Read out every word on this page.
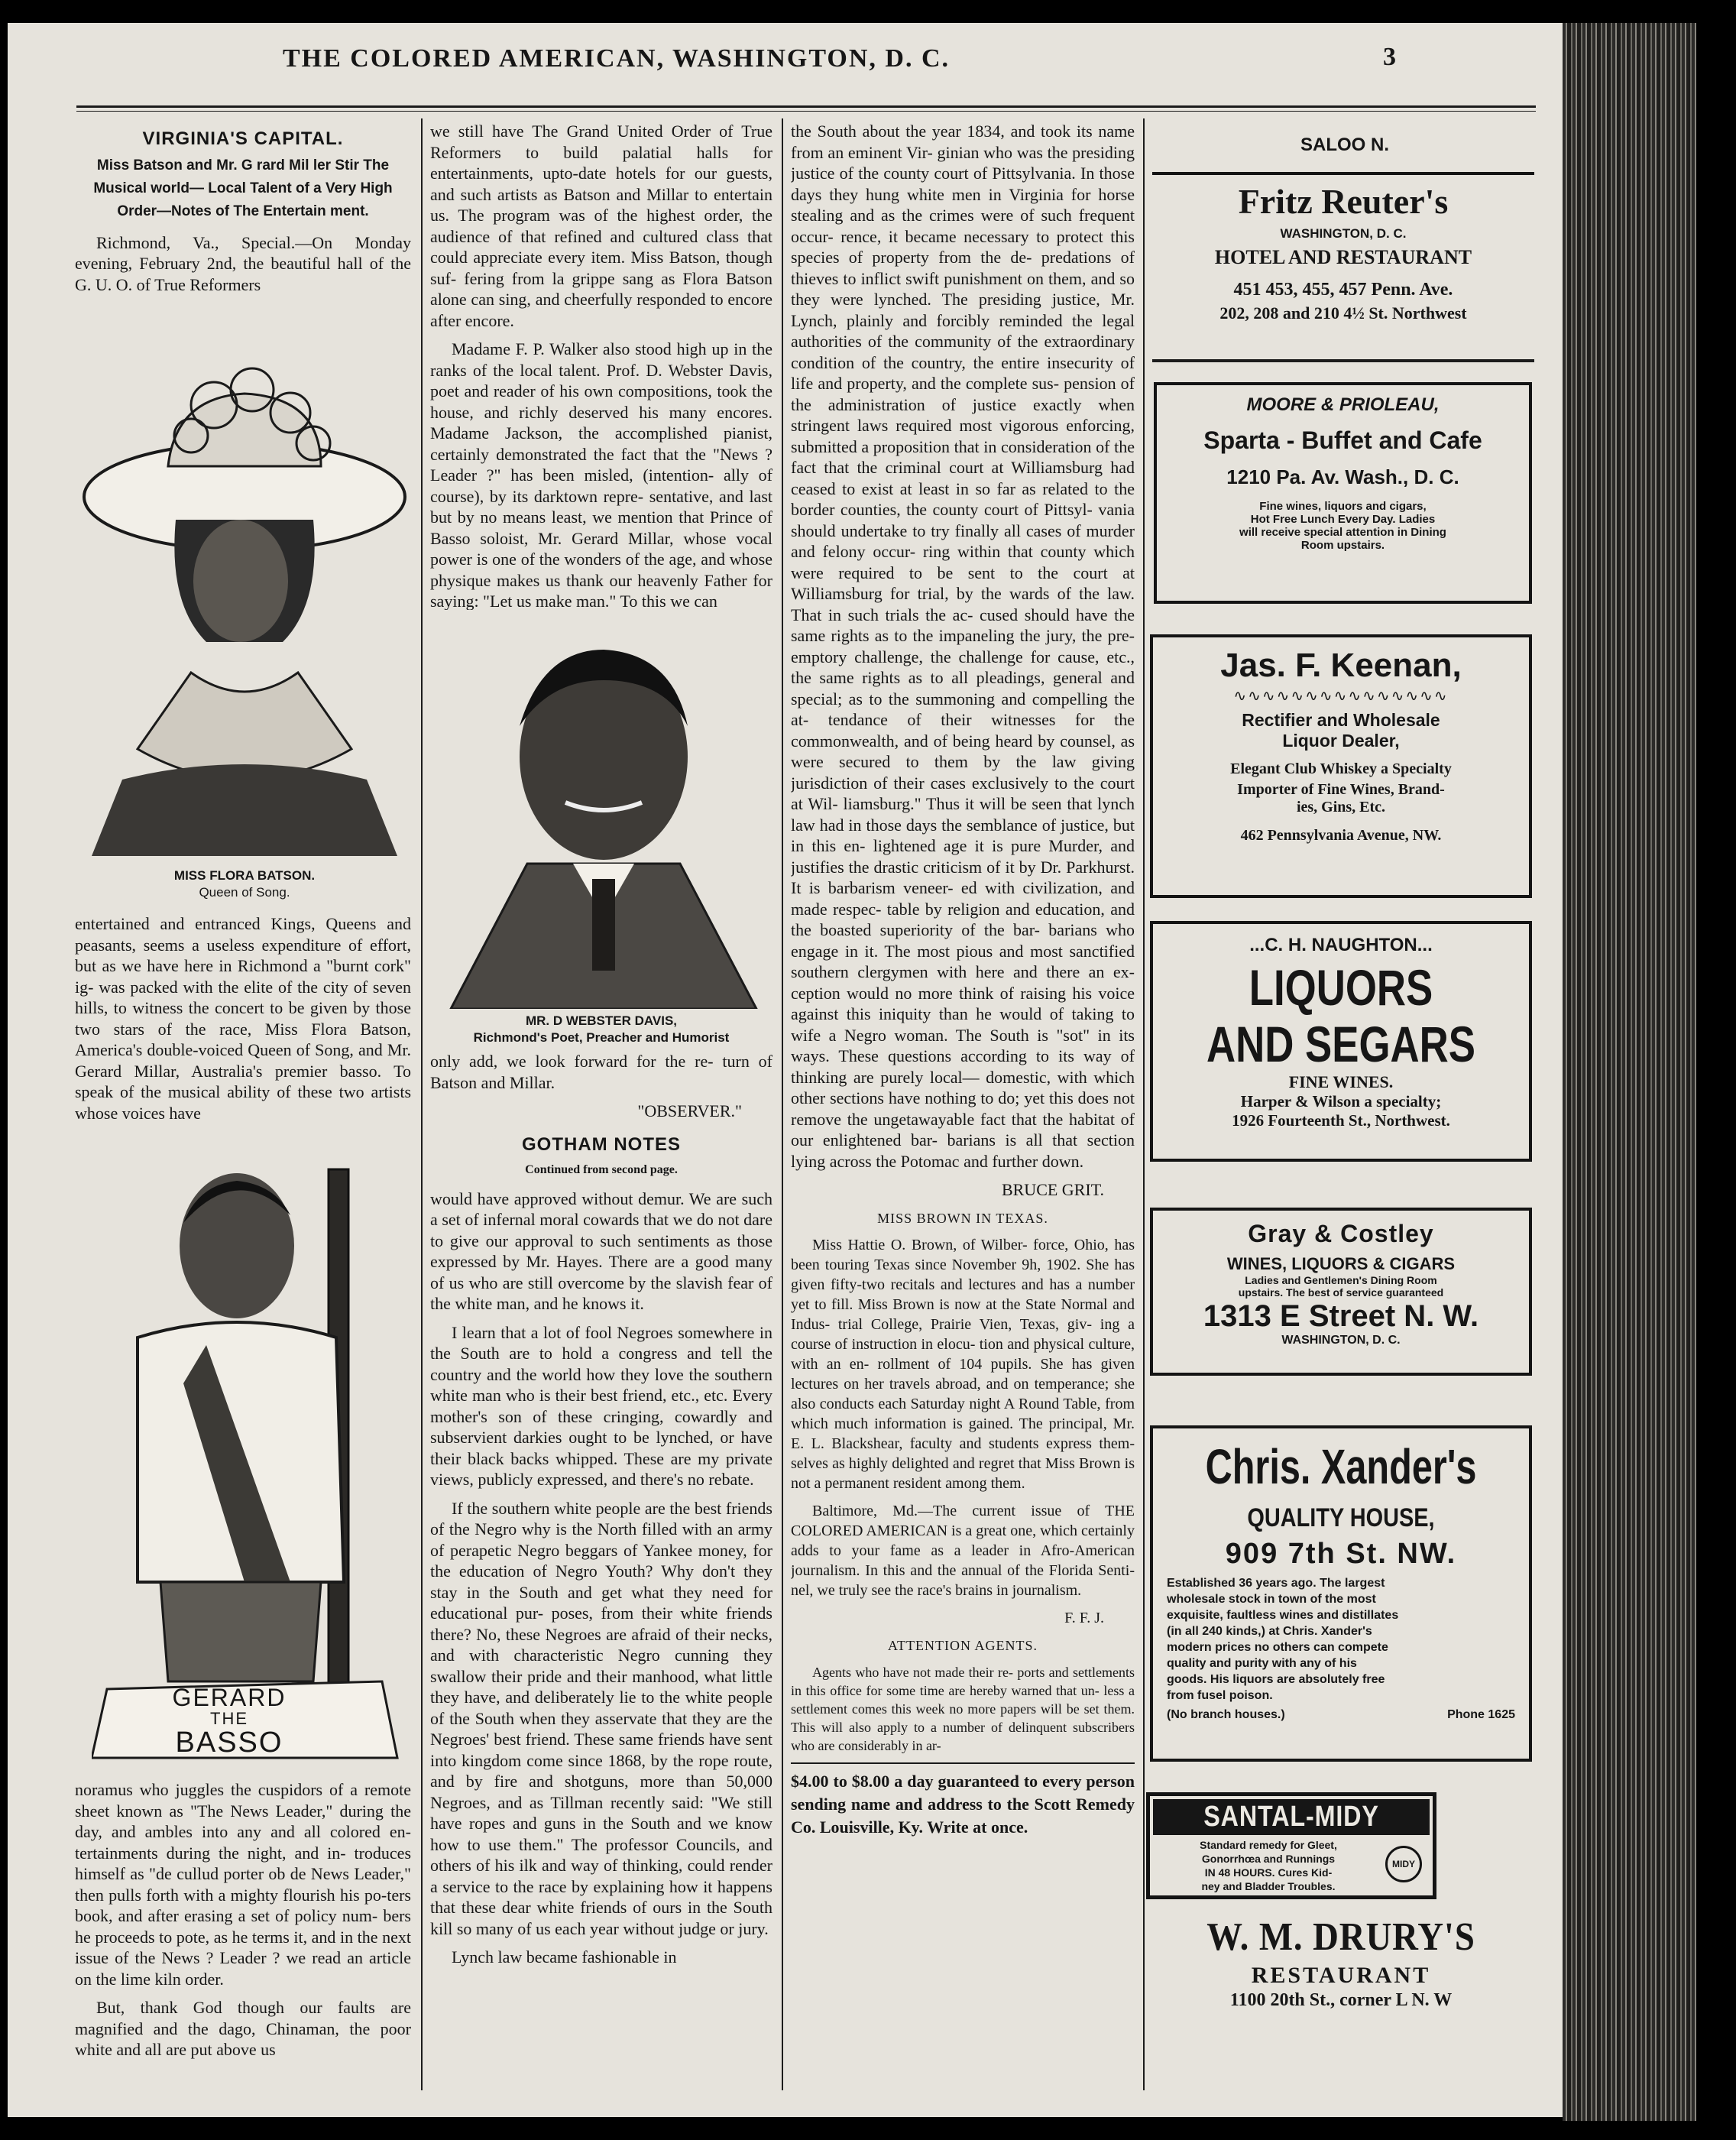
THE COLORED AMERICAN, WASHINGTON, D. C.	3
VIRGINIA'S CAPITAL.
Miss Batson and Mr. G rard Mil ler Stir The Musical world— Local Talent of a Very High Order—Notes of The Entertain ment.

Richmond, Va., Special.—On Monday evening, February 2nd, the beautiful hall of the G. U. O. of True Reformers

MISS FLORA BATSON.
Queen of Song.

entertained and entranced Kings, Queens and peasants, seems a useless expenditure of effort, but as we have here in Richmond a "burnt cork" ig- was packed with the elite of the city of seven hills, to witness the concert to be given by those two stars of the race, Miss Flora Batson, America's double-voiced Queen of Song, and Mr. Gerard Millar, Australia's premier basso. To speak of the musical ability of these two artists whose voices have

GERARD
THE
BASSO

noramus who juggles the cuspidors of a remote sheet known as "The News Leader," during the day, and ambles into any and all colored en- tertainments during the night, and in- troduces himself as "de cullud porter ob de News Leader," then pulls forth with a mighty flourish his po-ters book, and after erasing a set of policy num- bers he proceeds to pote, as he terms it, and in the next issue of the News ? Leader ? we read an article on the lime kiln order.

But, thank God though our faults are magnified and the dago, Chinaman, the poor white and all are put above us

we still have The Grand United Order of True Reformers to build palatial halls for entertainments, upto-date hotels for our guests, and such artists as Batson and Millar to entertain us. The program was of the highest order, the audience of that refined and cultured class that could appreciate every item. Miss Batson, though suf- fering from la grippe sang as Flora Batson alone can sing, and cheerfully responded to encore after encore.

Madame F. P. Walker also stood high up in the ranks of the local talent. Prof. D. Webster Davis, poet and reader of his own compositions, took the house, and richly deserved his many encores. Madame Jackson, the accomplished pianist, certainly demonstrated the fact that the "News ? Leader ?" has been misled, (intention- ally of course), by its darktown repre- sentative, and last but by no means least, we mention that Prince of Basso soloist, Mr. Gerard Millar, whose vocal power is one of the wonders of the age, and whose physique makes us thank our heavenly Father for saying: "Let us make man." To this we can

MR. D WEBSTER DAVIS,
Richmond's Poet, Preacher and Humorist

only add, we look forward for the re- turn of Batson and Millar.

"OBSERVER."

GOTHAM NOTES
Continued from second page.

would have approved without demur. We are such a set of infernal moral cowards that we do not dare to give our approval to such sentiments as those expressed by Mr. Hayes. There are a good many of us who are still overcome by the slavish fear of the white man, and he knows it.

I learn that a lot of fool Negroes somewhere in the South are to hold a congress and tell the country and the world how they love the southern white man who is their best friend, etc., etc. Every mother's son of these cringing, cowardly and subservient darkies ought to be lynched, or have their black backs whipped. These are my private views, publicly expressed, and there's no rebate.

If the southern white people are the best friends of the Negro why is the North filled with an army of perapetic Negro beggars of Yankee money, for the education of Negro Youth? Why don't they stay in the South and get what they need for educational pur- poses, from their white friends there? No, these Negroes are afraid of their necks, and with characteristic Negro cunning they swallow their pride and their manhood, what little they have, and deliberately lie to the white people of the South when they asservate that they are the Negroes' best friend. These same friends have sent into kingdom come since 1868, by the rope route, and by fire and shotguns, more than 50,000 Negroes, and as Tillman recently said: "We still have ropes and guns in the South and we know how to use them." The professor Councils, and others of his ilk and way of thinking, could render a service to the race by explaining how it happens that these dear white friends of ours in the South kill so many of us each year without judge or jury.

Lynch law became fashionable in

the South about the year 1834, and took its name from an eminent Vir- ginian who was the presiding justice of the county court of Pittsylvania. In those days they hung white men in Virginia for horse stealing and as the crimes were of such frequent occur- rence, it became necessary to protect this species of property from the de- predations of thieves to inflict swift punishment on them, and so they were lynched. The presiding justice, Mr. Lynch, plainly and forcibly reminded the legal authorities of the community of the extraordinary condition of the country, the entire insecurity of life and property, and the complete sus- pension of the administration of justice exactly when stringent laws required most vigorous enforcing, submitted a proposition that in consideration of the fact that the criminal court at Williamsburg had ceased to exist at least in so far as related to the border counties, the county court of Pittsyl- vania should undertake to try finally all cases of murder and felony occur- ring within that county which were required to be sent to the court at Williamsburg for trial, by the wards of the law. That in such trials the ac- cused should have the same rights as to the impaneling the jury, the pre- emptory challenge, the challenge for cause, etc., the same rights as to all pleadings, general and special; as to the summoning and compelling the at- tendance of their witnesses for the commonwealth, and of being heard by counsel, as were secured to them by the law giving jurisdiction of their cases exclusively to the court at Wil- liamsburg." Thus it will be seen that lynch law had in those days the semblance of justice, but in this en- lightened age it is pure Murder, and justifies the drastic criticism of it by Dr. Parkhurst. It is barbarism veneer- ed with civilization, and made respec- table by religion and education, and the boasted superiority of the bar- barians who engage in it. The most pious and most sanctified southern clergymen with here and there an ex- ception would no more think of raising his voice against this iniquity than he would of taking to wife a Negro woman. The South is "sot" in its ways. These questions according to its way of thinking are purely local— domestic, with which other sections have nothing to do; yet this does not remove the ungetawayable fact that the habitat of our enlightened bar- barians is all that section lying across the Potomac and further down.

BRUCE GRIT.

MISS BROWN IN TEXAS.

Miss Hattie O. Brown, of Wilber- force, Ohio, has been touring Texas since November 9h, 1902. She has given fifty-two recitals and lectures and has a number yet to fill. Miss Brown is now at the State Normal and Indus- trial College, Prairie Vien, Texas, giv- ing a course of instruction in elocu- tion and physical culture, with an en- rollment of 104 pupils. She has given lectures on her travels abroad, and on temperance; she also conducts each Saturday night A Round Table, from which much information is gained. The principal, Mr. E. L. Blackshear, faculty and students express them- selves as highly delighted and regret that Miss Brown is not a permanent resident among them.

Baltimore, Md.—The current issue of THE COLORED AMERICAN is a great one, which certainly adds to your fame as a leader in Afro-American journalism. In this and the annual of the Florida Senti- nel, we truly see the race's brains in journalism.

F. F. J.

ATTENTION AGENTS.

Agents who have not made their re- ports and settlements in this office for some time are hereby warned that un- less a settlement comes this week no more papers will be set them. This will also apply to a number of delinquent subscribers who are considerably in ar-

$4.00 to $8.00 a day guaranteed to every person sending name and address to the Scott Remedy Co. Louisville, Ky. Write at once.

SALOO N.
Fritz Reuter's
WASHINGTON, D. C.
HOTEL AND RESTAURANT
451 453, 455, 457 Penn. Ave.
202, 208 and 210 4½ St. Northwest
MOORE & PRIOLEAU,
Sparta - Buffet and Cafe
1210 Pa. Av. Wash., D. C.
Fine wines, liquors and cigars,
Hot Free Lunch Every Day. Ladies
will receive special attention in Dining
Room upstairs.
Jas. F. Keenan,
∿∿∿∿∿∿∿∿∿∿∿∿∿∿∿
Rectifier and Wholesale
Liquor Dealer,
Elegant Club Whiskey a Specialty
Importer of Fine Wines, Brand-
ies, Gins, Etc.
462 Pennsylvania Avenue, NW.
...C. H. NAUGHTON...
LIQUORS
AND SEGARS
FINE WINES.
Harper & Wilson a specialty;
1926 Fourteenth St., Northwest.
Gray & Costley
WINES, LIQUORS & CIGARS
Ladies and Gentlemen's Dining Room
upstairs. The best of service guaranteed
1313 E Street N. W.
WASHINGTON, D. C.
Chris. Xander's
QUALITY HOUSE,
909 7th St. NW.
Established 36 years ago. The largest
wholesale stock in town of the most
exquisite, faultless wines and distillates
(in all 240 kinds,) at Chris. Xander's
modern prices no others can compete
quality and purity with any of his
goods. His liquors are absolutely free
from fusel poison.
(No branch houses.)	Phone 1625
SANTAL-MIDY
Standard remedy for Gleet,
Gonorrhœa and Runnings
IN 48 HOURS. Cures Kid-
ney and Bladder Troubles.
MIDY
W. M. DRURY'S
RESTAURANT
1100 20th St., corner L N. W
